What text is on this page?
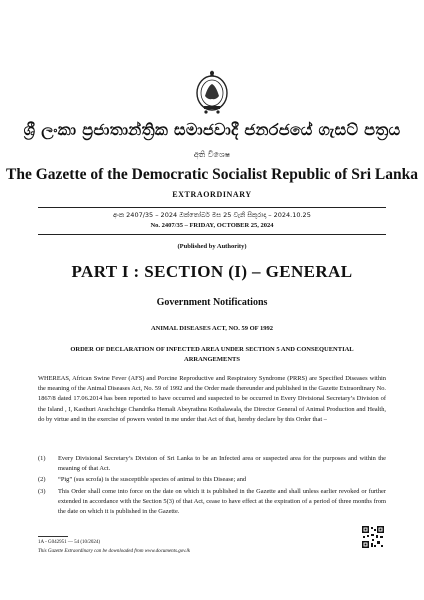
ශ්‍රී ලංකා ප්‍රජාතාන්ත්‍රික සමාජවාදී ජනරජයේ ගැසට් පත්‍රය
අති විශෙෂ
The Gazette of the Democratic Socialist Republic of Sri Lanka
EXTRAORDINARY
අංක 2407/35 – 2024 ඔක්තෝබර් මස 25 වැනි සිකුරාදා – 2024.10.25
No. 2407/35 – FRIDAY, OCTOBER 25, 2024
(Published by Authority)
PART I : SECTION (I) – GENERAL
Government Notifications
ANIMAL DISEASES ACT, NO. 59 OF 1992
ORDER OF DECLARATION OF INFECTED AREA UNDER SECTION 5 AND CONSEQUENTIAL ARRANGEMENTS
WHEREAS, African Swine Fever (AFS) and Porcine Reproductive and Respiratory Syndrome (PRRS) are Specified Diseases within the meaning of the Animal Diseases Act, No. 59 of 1992 and the Order made thereunder and published in the Gazette Extraordinary No. 1867/8 dated 17.06.2014 has been reported to have occurred and suspected to be occurred in Every Divisional Secretary’s Division of the Island , I, Kasthuri Arachchige Chandrika Hemali Abeyrathna Kothalawala, the Director General of Animal Production and Health, do by virtue and in the exercise of powers vested in me under that Act of that, hereby declare by this Order that –
(1) Every Divisional Secretary’s Division of Sri Lanka to be an Infected area or suspected area for the purposes and within the meaning of that Act.
(2) “Pig” (sus scrofa) is the susceptible species of animal to this Disease; and
(3) This Order shall come into force on the date on which it is published in the Gazette and shall unless earlier revoked or further extended in accordance with the Section 5(3) of that Act, cease to have effect at the expiration of a period of three months from the date on which it is published in the Gazette.
1A - G042951 — 54 (10/2024)
This Gazette Extraordinary can be downloaded from www.documents.gov.lk
